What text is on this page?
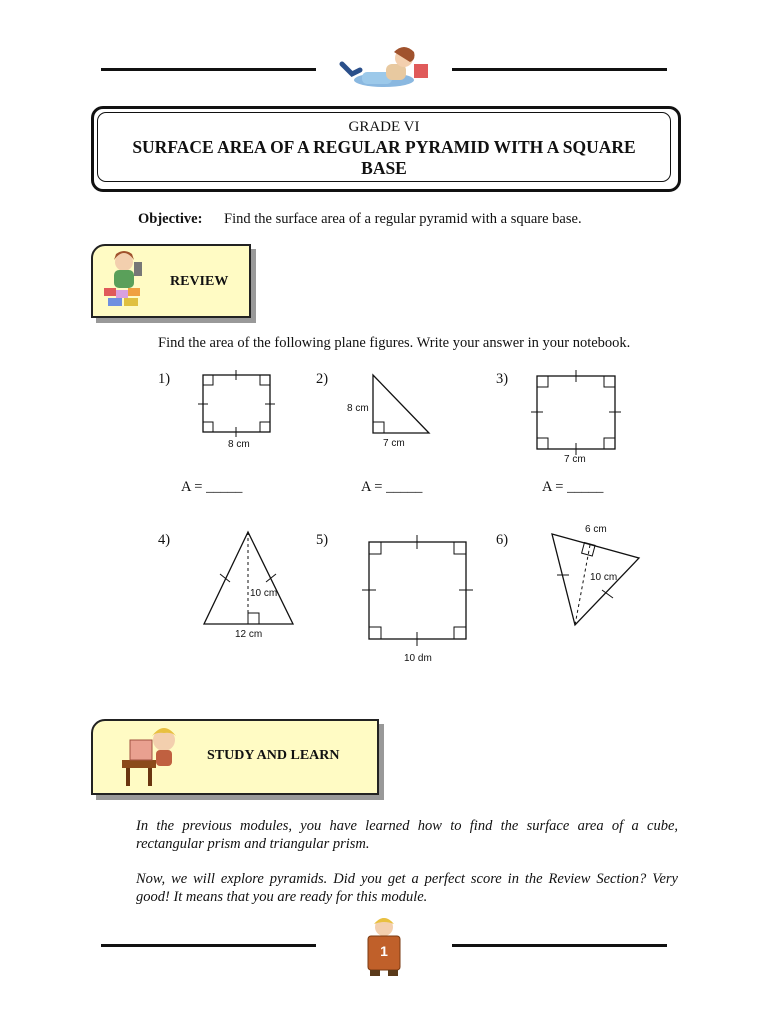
GRADE VI
SURFACE AREA OF A REGULAR PYRAMID WITH A SQUARE BASE
Objective: Find the surface area of a regular pyramid with a square base.
REVIEW
Find the area of the following plane figures. Write your answer in your notebook.
1)	2)	3)
4)	5)	6)
8 cm
8 cm
7 cm
7 cm
A = _____	A = _____	A = _____
10 cm
12 cm
10 dm
6 cm
10 cm
STUDY AND LEARN
In the previous modules, you have learned how to find the surface area of a cube, rectangular prism and triangular prism.
Now, we will explore pyramids. Did you get a perfect score in the Review Section? Very good! It means that you are ready for this module.
1
